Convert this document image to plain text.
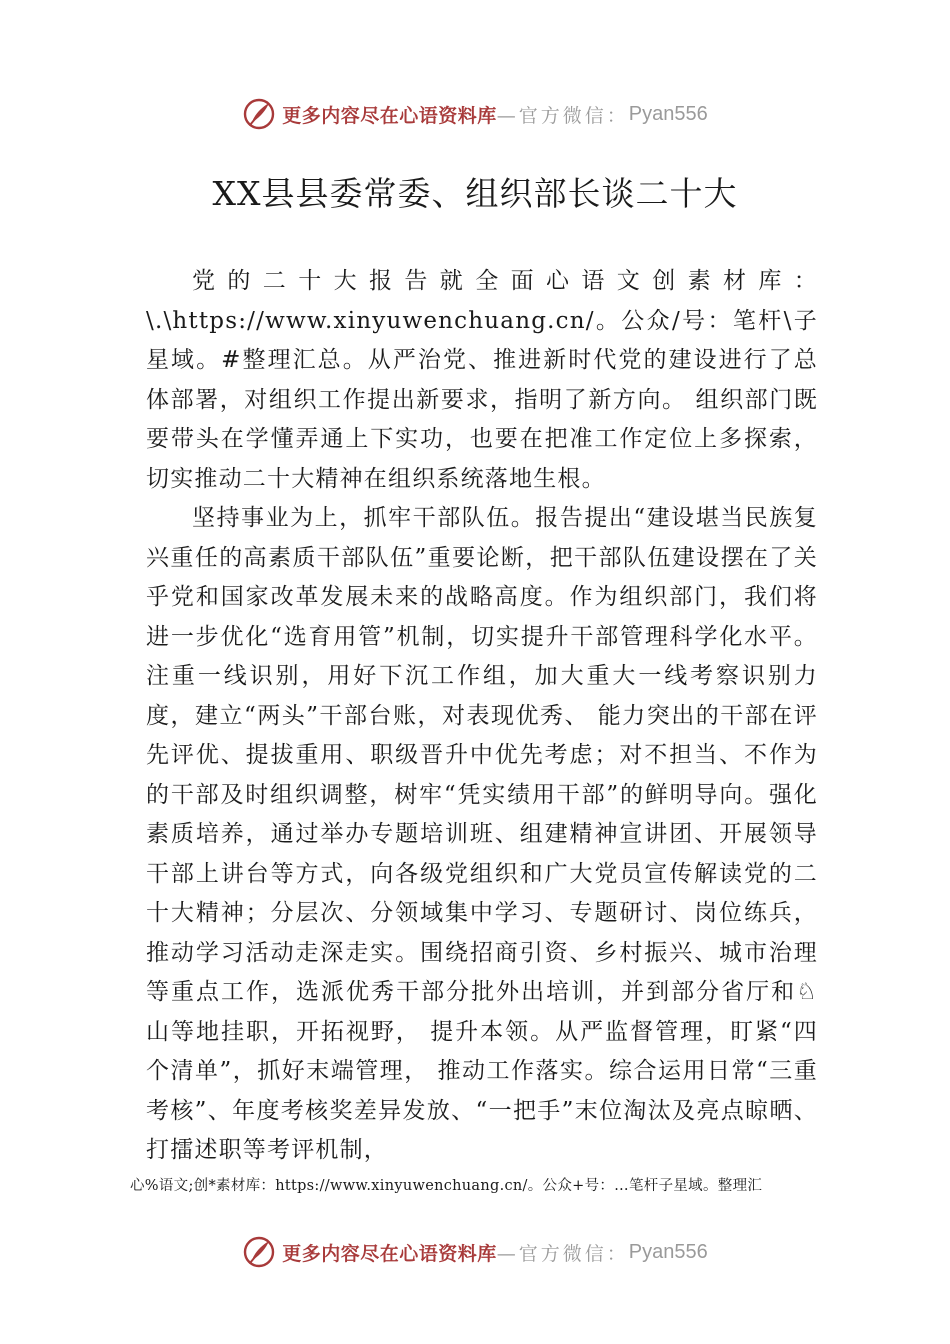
更多内容尽在心语资料库 —官方微信： Pyan556
XX县县委常委、组织部长谈二十大

党的二十大报告就全面心语文创素材库：\.\https://www.xinyuwenchuang.cn/。公众/号：笔杆\子星域。#整理汇总。从严治党、推进新时代党的建设进行了总体部署，对组织工作提出新要求，指明了新方向。 组织部门既要带头在学懂弄通上下实功，也要在把准工作定位上多探索，切实推动二十大精神在组织系统落地生根。

坚持事业为上，抓牢干部队伍。报告提出“建设堪当民族复兴重任的高素质干部队伍”重要论断，把干部队伍建设摆在了关乎党和国家改革发展未来的战略高度。作为组织部门，我们将进一步优化“选育用管”机制，切实提升干部管理科学化水平。注重一线识别，用好下沉工作组，加大重大一线考察识别力度，建立“两头”干部台账，对表现优秀、 能力突出的干部在评先评优、提拔重用、职级晋升中优先考虑；对不担当、不作为的干部及时组织调整，树牢“凭实绩用干部”的鲜明导向。强化素质培养，通过举办专题培训班、组建精神宣讲团、开展领导干部上讲台等方式，向各级党组织和广大党员宣传解读党的二十大精神；分层次、分领域集中学习、专题研讨、岗位练兵，推动学习活动走深走实。围绕招商引资、乡村振兴、城市治理等重点工作，选派优秀干部分批外出培训，并到部分省厅和♘山等地挂职，开拓视野， 提升本领。从严监督管理，盯紧“四个清单”，抓好末端管理， 推动工作落实。综合运用日常“三重考核”、年度考核奖差异发放、“一把手”末位淘汰及亮点晾晒、打擂述职等考评机制，

心%语文;创*素材库：https://www.xinyuwenchuang.cn/。公众+号：…笔杆子星域。整理汇
更多内容尽在心语资料库 —官方微信： Pyan556
